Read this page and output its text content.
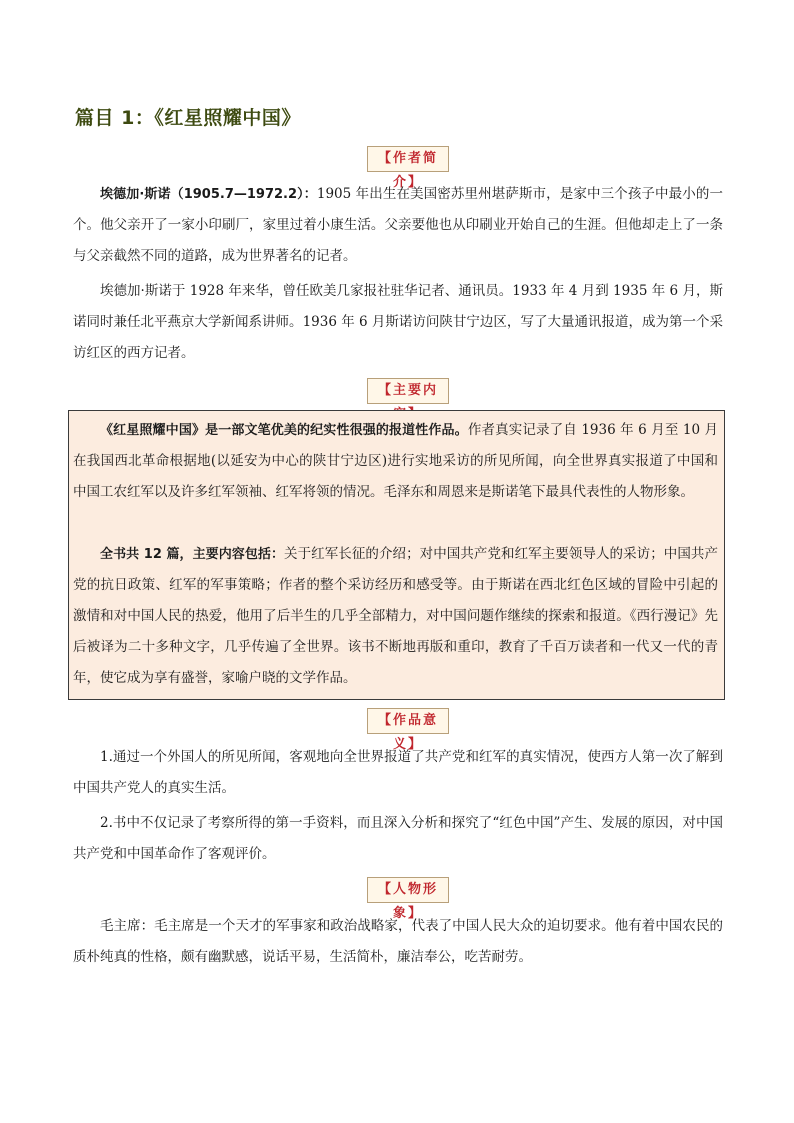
篇目 1：《红星照耀中国》
【作者简介】
埃德加·斯诺（1905.7—1972.2）：1905 年出生在美国密苏里州堪萨斯市，是家中三个孩子中最小的一个。他父亲开了一家小印刷厂，家里过着小康生活。父亲要他也从印刷业开始自己的生涯。但他却走上了一条与父亲截然不同的道路，成为世界著名的记者。
埃德加·斯诺于 1928 年来华，曾任欧美几家报社驻华记者、通讯员。1933 年 4 月到 1935 年 6 月，斯诺同时兼任北平燕京大学新闻系讲师。1936 年 6 月斯诺访问陕甘宁边区，写了大量通讯报道，成为第一个采访红区的西方记者。
【主要内
《红星照耀中国》是一部文笔优美的纪实性很强的报道性作品。作者真实记录了自 1936 年 6 月至 10 月在我国西北革命根据地(以延安为中心的陕甘宁边区)进行实地采访的所见所闻，向全世界真实报道了中国和中国工农红军以及许多红军领袖、红军将领的情况。毛泽东和周恩来是斯诺笔下最具代表性的人物形象。
全书共 12 篇，主要内容包括：关于红军长征的介绍；对中国共产党和红军主要领导人的采访；中国共产党的抗日政策、红军的军事策略；作者的整个采访经历和感受等。由于斯诺在西北红色区域的冒险中引起的激情和对中国人民的热爱，他用了后半生的几乎全部精力，对中国问题作继续的探索和报道。《西行漫记》先后被译为二十多种文字，几乎传遍了全世界。该书不断地再版和重印，教育了千百万读者和一代又一代的青年，使它成为享有盛誉，家喻户晓的文学作品。
【作品意义】
1.通过一个外国人的所见所闻，客观地向全世界报道了共产党和红军的真实情况，使西方人第一次了解到中国共产党人的真实生活。
2.书中不仅记录了考察所得的第一手资料，而且深入分析和探究了“红色中国”产生、发展的原因，对中国共产党和中国革命作了客观评价。
【人物形象】
毛主席：毛主席是一个天才的军事家和政治战略家，代表了中国人民大众的迫切要求。他有着中国农民的质朴纯真的性格，颇有幽默感，说话平易，生活简朴，廉洁奉公，吃苦耐劳。
